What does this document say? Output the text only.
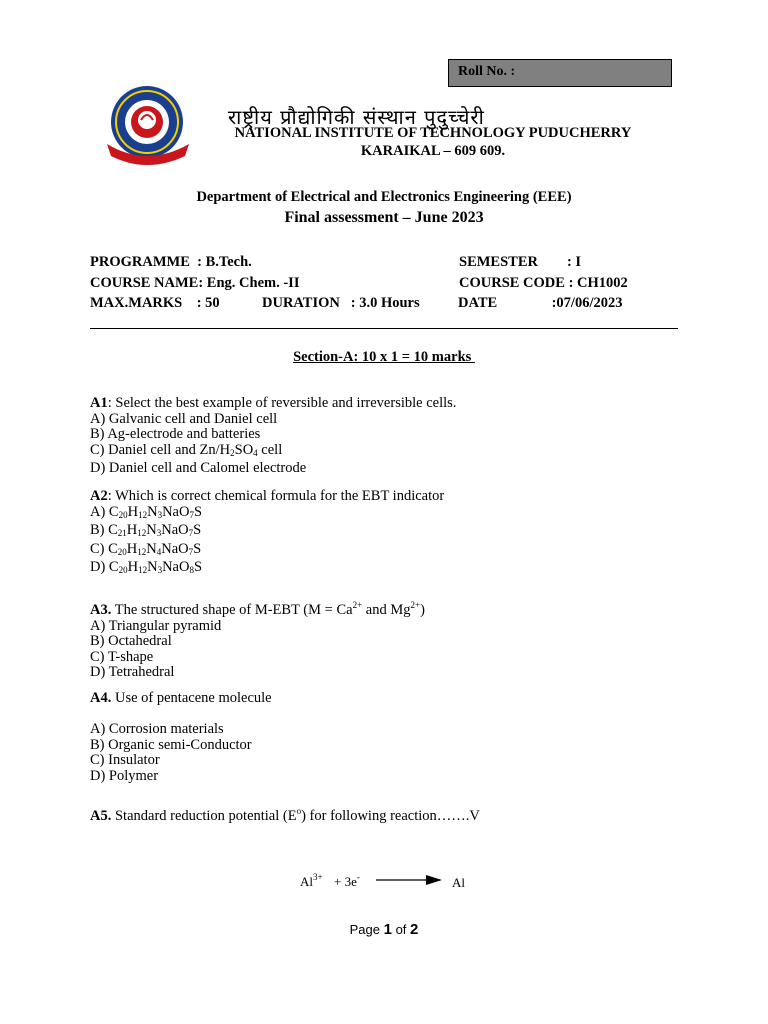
Roll No. :
राष्ट्रीय प्रौद्योगिकी संस्थान पुदुच्चेरी
NATIONAL INSTITUTE OF TECHNOLOGY PUDUCHERRY
KARAIKAL – 609 609.
Department of Electrical and Electronics Engineering (EEE)
Final assessment – June 2023
PROGRAMME  : B.Tech.	SEMESTER        : I
COURSE NAME: Eng. Chem. -II	COURSE CODE : CH1002
MAX.MARKS    : 50	DURATION   : 3.0 Hours	DATE               :07/06/2023
Section-A: 10 x 1 = 10 marks
A1: Select the best example of reversible and irreversible cells.
A) Galvanic cell and Daniel cell
B) Ag-electrode and batteries
C) Daniel cell and $Zn/H_2SO_4$ cell
D) Daniel cell and Calomel electrode
A2: Which is correct chemical formula for the EBT indicator
A) $C_{20}H_{12}N_3NaO_7S$
B) $C_{21}H_{12}N_3NaO_7S$
C) $C_{20}H_{12}N_4NaO_7S$
D) $C_{20}H_{12}N_3NaO_8S$
A3. The structured shape of M-EBT ($M = Ca^{2+}$ and $Mg^{2+}$)
A) Triangular pyramid
B) Octahedral
C) T-shape
D) Tetrahedral
A4. Use of pentacene molecule
A) Corrosion materials
B) Organic semi-Conductor
C) Insulator
D) Polymer
A5. Standard reduction potential $(E^o)$ for following reaction…….V
$Al^{3+} + 3e^-$	Al
Page 1 of 2
